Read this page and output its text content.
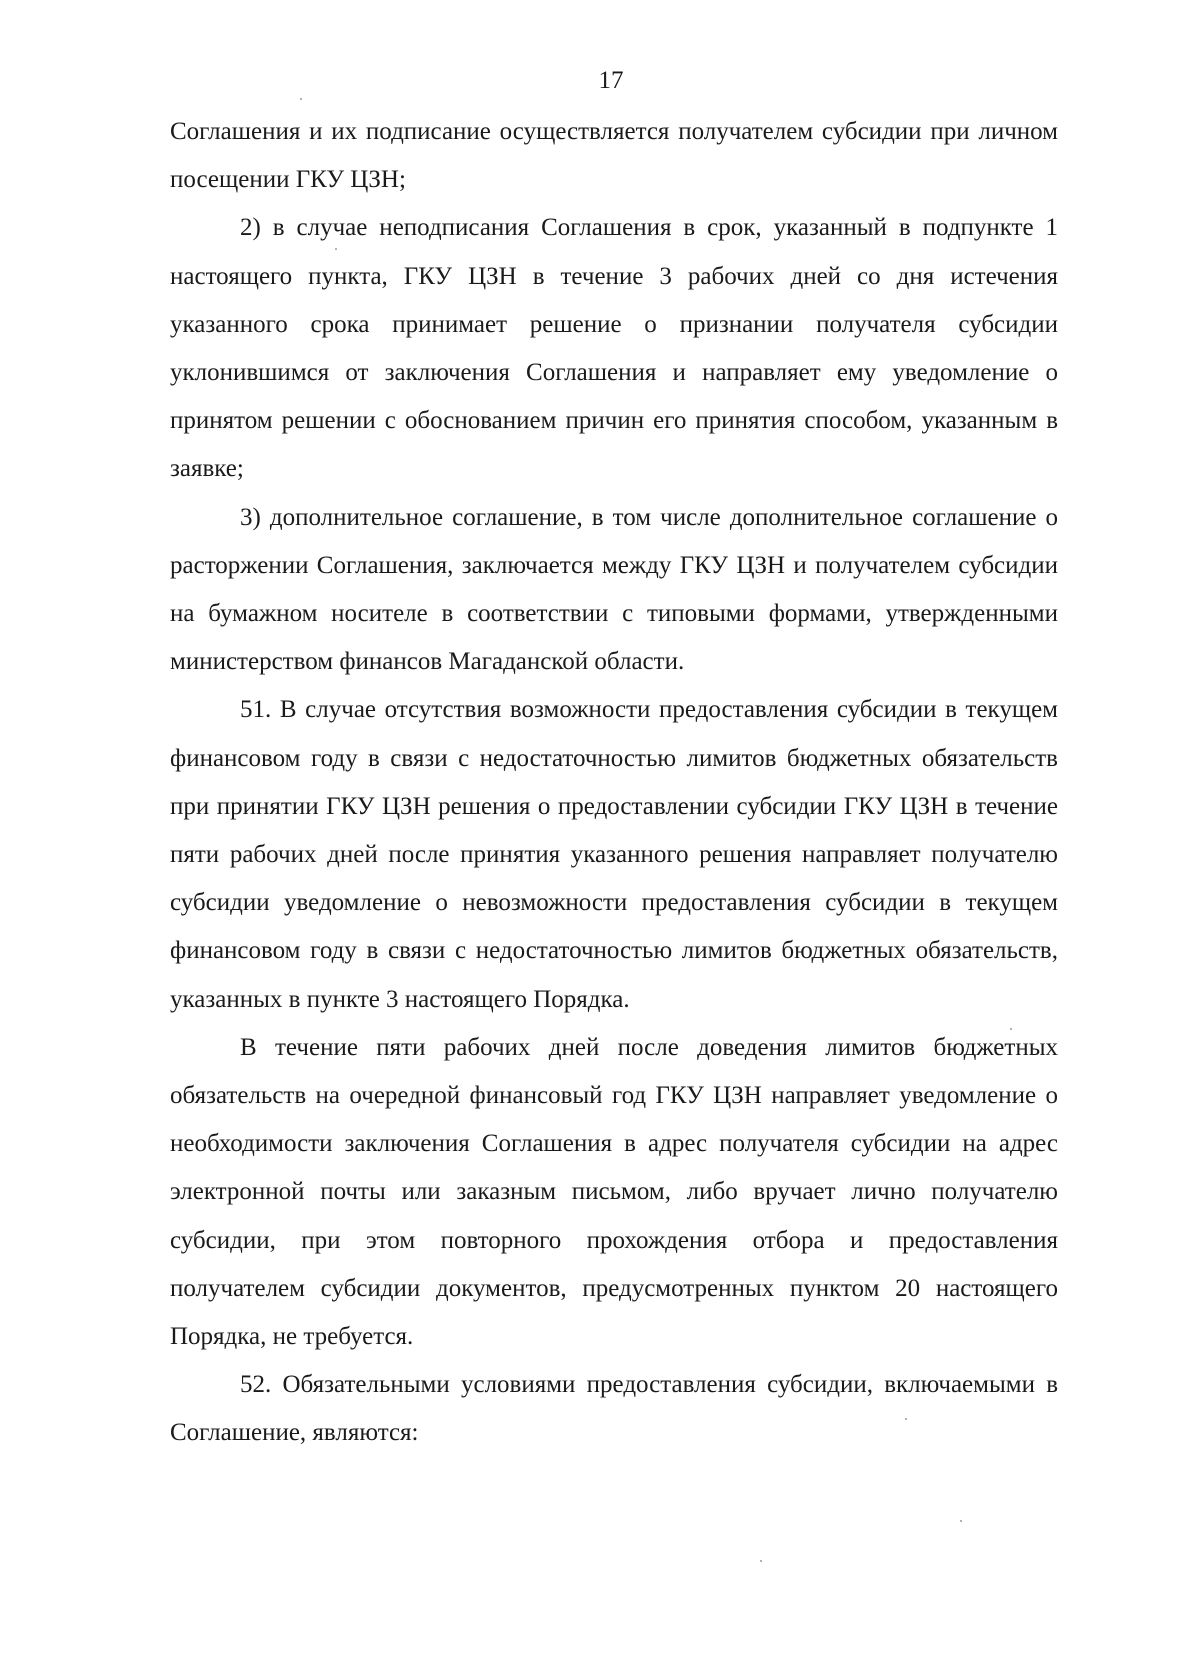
17

Соглашения и их подписание осуществляется получателем субсидии при личном посещении ГКУ ЦЗН;

2) в случае неподписания Соглашения в срок, указанный в подпункте 1 настоящего пункта, ГКУ ЦЗН в течение 3 рабочих дней со дня истечения указанного срока принимает решение о признании получателя субсидии уклонившимся от заключения Соглашения и направляет ему уведомление о принятом решении с обоснованием причин его принятия способом, указанным в заявке;

3) дополнительное соглашение, в том числе дополнительное соглашение о расторжении Соглашения, заключается между ГКУ ЦЗН и получателем субсидии на бумажном носителе в соответствии с типовыми формами, утвержденными министерством финансов Магаданской области.

51. В случае отсутствия возможности предоставления субсидии в текущем финансовом году в связи с недостаточностью лимитов бюджетных обязательств при принятии ГКУ ЦЗН решения о предоставлении субсидии ГКУ ЦЗН в течение пяти рабочих дней после принятия указанного решения направляет получателю субсидии уведомление о невозможности предоставления субсидии в текущем финансовом году в связи с недостаточностью лимитов бюджетных обязательств, указанных в пункте 3 настоящего Порядка.

В течение пяти рабочих дней после доведения лимитов бюджетных обязательств на очередной финансовый год ГКУ ЦЗН направляет уведомление о необходимости заключения Соглашения в адрес получателя субсидии на адрес электронной почты или заказным письмом, либо вручает лично получателю субсидии, при этом повторного прохождения отбора и предоставления получателем субсидии документов, предусмотренных пунктом 20 настоящего Порядка, не требуется.

52. Обязательными условиями предоставления субсидии, включаемыми в Соглашение, являются:
